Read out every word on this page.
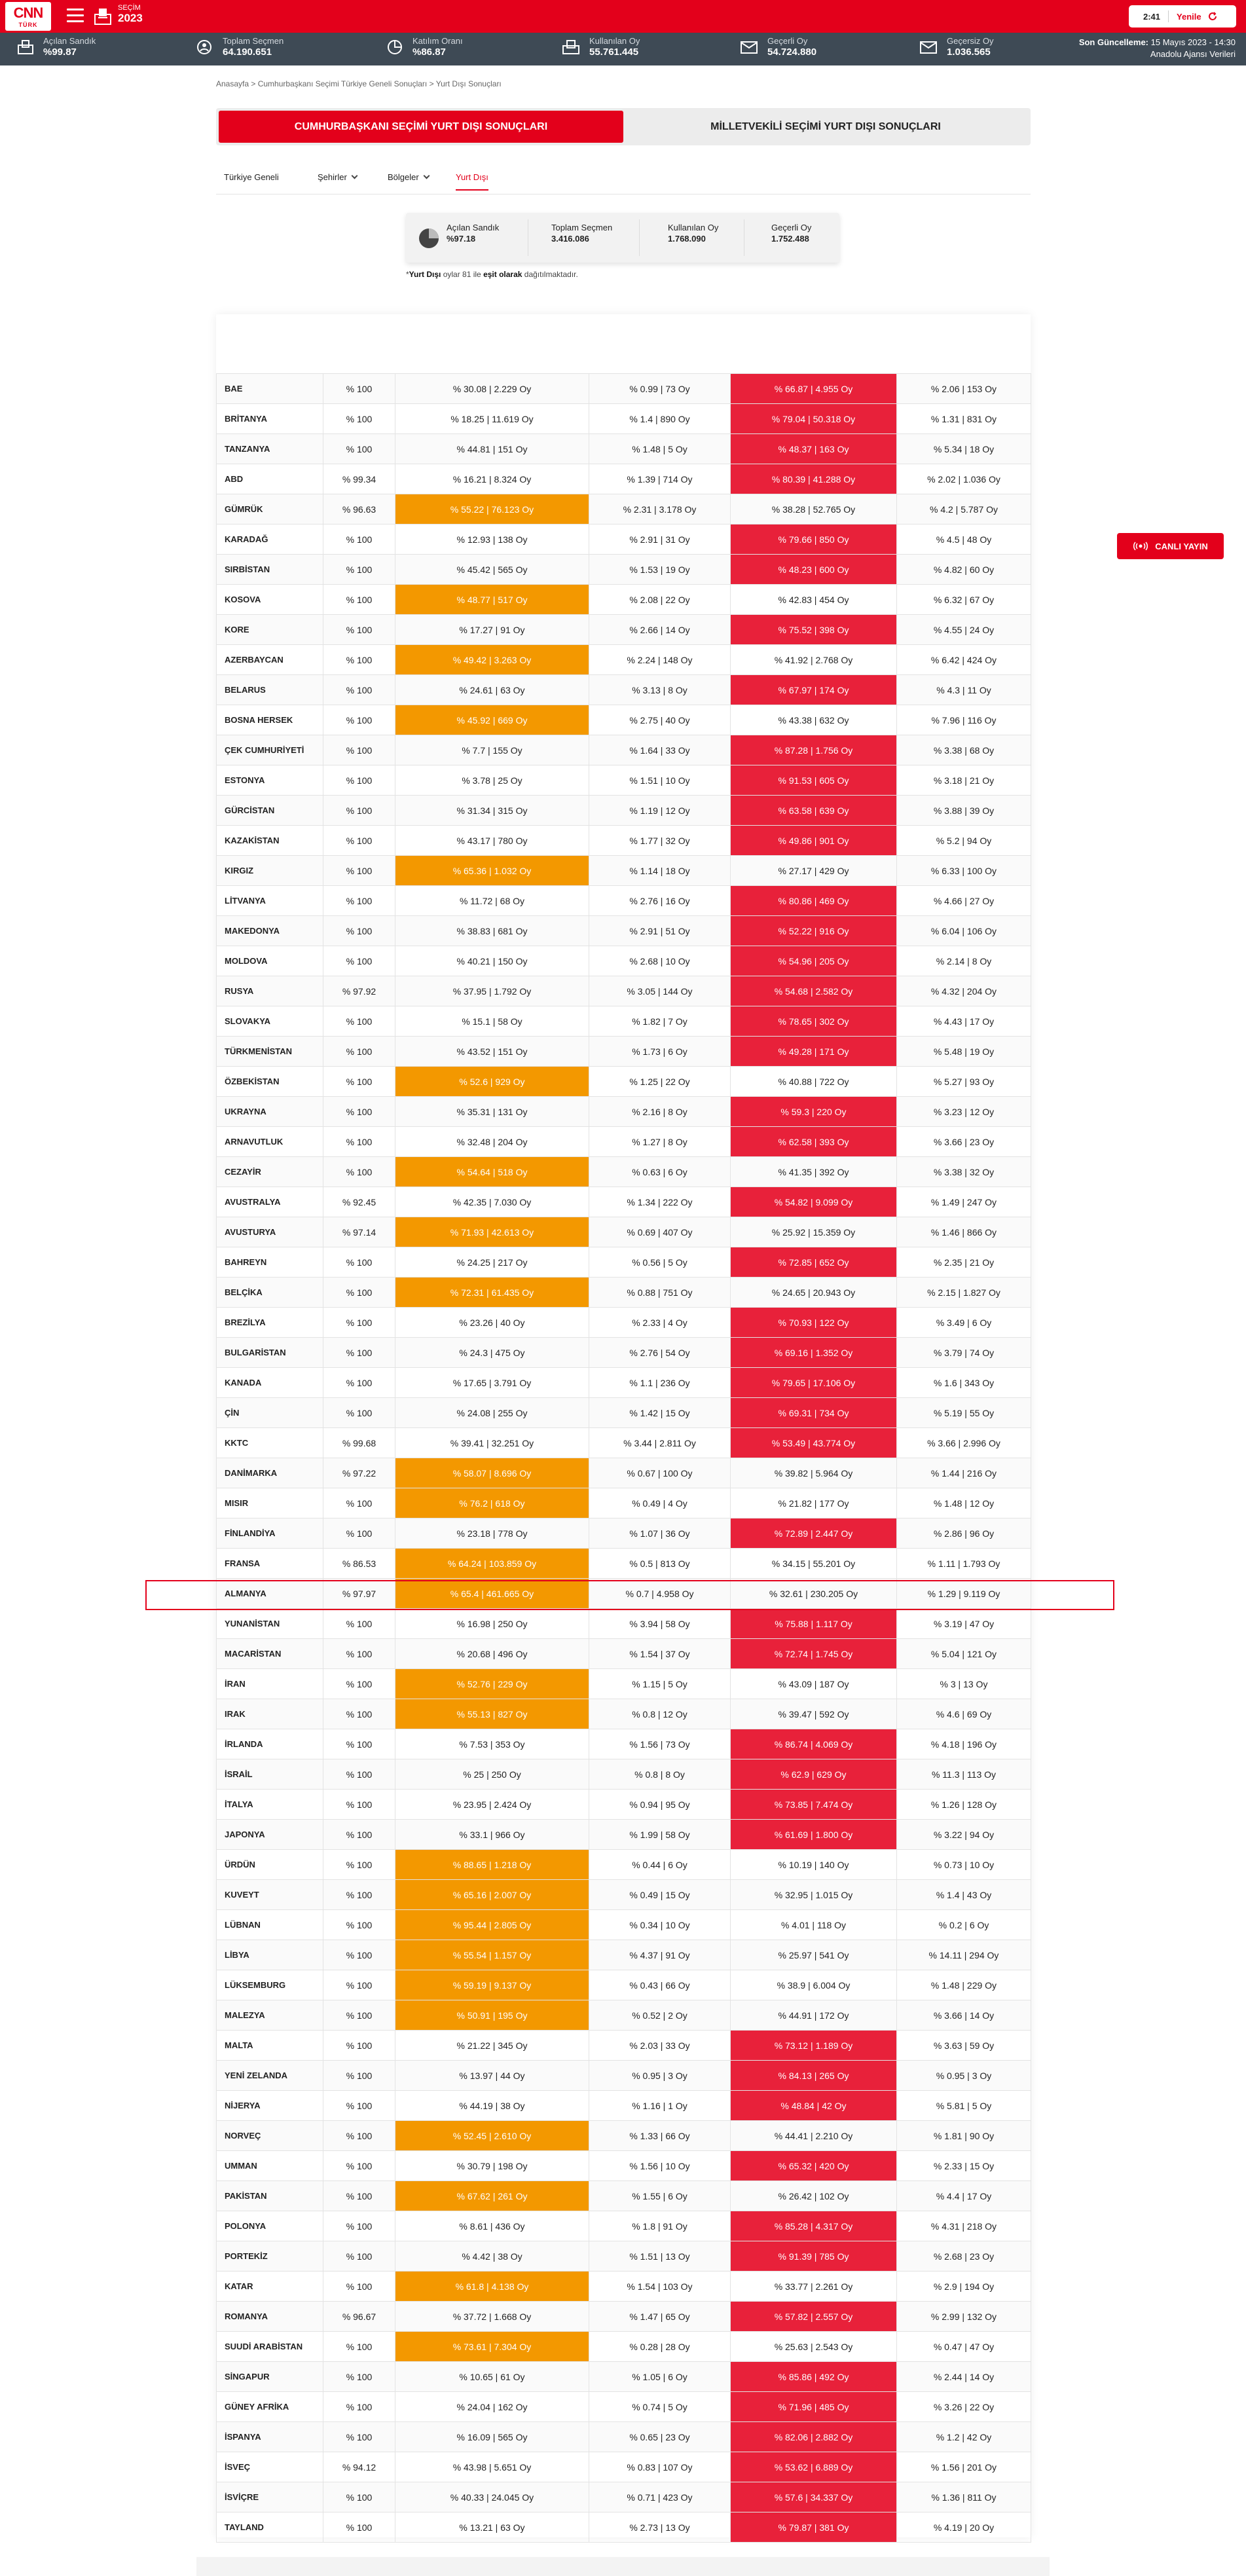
CNN
TÜRK
SEÇİM
2023	2:41 Yenile
Açılan Sandık
%99.87
Toplam Seçmen
64.190.651
Katılım Oranı
%86.87
Kullanılan Oy
55.761.445
Geçerli Oy
54.724.880
Geçersiz Oy
1.036.565
Son Güncelleme: 15 Mayıs 2023 - 14:30
Anadolu Ajansı Verileri
Anasayfa > Cumhurbaşkanı Seçimi Türkiye Geneli Sonuçları > Yurt Dışı Sonuçları
CUMHURBAŞKANI SEÇİMİ YURT DIŞI SONUÇLARI	MİLLETVEKİLİ SEÇİMİ YURT DIŞI SONUÇLARI
Türkiye Geneli	Şehirler	Bölgeler	Yurt Dışı
Açılan Sandık
%97.18
Toplam Seçmen
3.416.086
Kullanılan Oy
1.768.090
Geçerli Oy
1.752.488
*Yurt Dışı oylar 81 ile eşit olarak dağıtılmaktadır.
BAE	% 100	% 30.08 | 2.229 Oy	% 0.99 | 73 Oy	% 66.87 | 4.955 Oy	% 2.06 | 153 Oy
BRİTANYA	% 100	% 18.25 | 11.619 Oy	% 1.4 | 890 Oy	% 79.04 | 50.318 Oy	% 1.31 | 831 Oy
TANZANYA	% 100	% 44.81 | 151 Oy	% 1.48 | 5 Oy	% 48.37 | 163 Oy	% 5.34 | 18 Oy
ABD	% 99.34	% 16.21 | 8.324 Oy	% 1.39 | 714 Oy	% 80.39 | 41.288 Oy	% 2.02 | 1.036 Oy
GÜMRÜK	% 96.63	% 55.22 | 76.123 Oy	% 2.31 | 3.178 Oy	% 38.28 | 52.765 Oy	% 4.2 | 5.787 Oy
KARADAĞ	% 100	% 12.93 | 138 Oy	% 2.91 | 31 Oy	% 79.66 | 850 Oy	% 4.5 | 48 Oy
SIRBİSTAN	% 100	% 45.42 | 565 Oy	% 1.53 | 19 Oy	% 48.23 | 600 Oy	% 4.82 | 60 Oy
KOSOVA	% 100	% 48.77 | 517 Oy	% 2.08 | 22 Oy	% 42.83 | 454 Oy	% 6.32 | 67 Oy
KORE	% 100	% 17.27 | 91 Oy	% 2.66 | 14 Oy	% 75.52 | 398 Oy	% 4.55 | 24 Oy
AZERBAYCAN	% 100	% 49.42 | 3.263 Oy	% 2.24 | 148 Oy	% 41.92 | 2.768 Oy	% 6.42 | 424 Oy
BELARUS	% 100	% 24.61 | 63 Oy	% 3.13 | 8 Oy	% 67.97 | 174 Oy	% 4.3 | 11 Oy
BOSNA HERSEK	% 100	% 45.92 | 669 Oy	% 2.75 | 40 Oy	% 43.38 | 632 Oy	% 7.96 | 116 Oy
ÇEK CUMHURİYETİ	% 100	% 7.7 | 155 Oy	% 1.64 | 33 Oy	% 87.28 | 1.756 Oy	% 3.38 | 68 Oy
ESTONYA	% 100	% 3.78 | 25 Oy	% 1.51 | 10 Oy	% 91.53 | 605 Oy	% 3.18 | 21 Oy
GÜRCİSTAN	% 100	% 31.34 | 315 Oy	% 1.19 | 12 Oy	% 63.58 | 639 Oy	% 3.88 | 39 Oy
KAZAKİSTAN	% 100	% 43.17 | 780 Oy	% 1.77 | 32 Oy	% 49.86 | 901 Oy	% 5.2 | 94 Oy
KIRGIZ	% 100	% 65.36 | 1.032 Oy	% 1.14 | 18 Oy	% 27.17 | 429 Oy	% 6.33 | 100 Oy
LİTVANYA	% 100	% 11.72 | 68 Oy	% 2.76 | 16 Oy	% 80.86 | 469 Oy	% 4.66 | 27 Oy
MAKEDONYA	% 100	% 38.83 | 681 Oy	% 2.91 | 51 Oy	% 52.22 | 916 Oy	% 6.04 | 106 Oy
MOLDOVA	% 100	% 40.21 | 150 Oy	% 2.68 | 10 Oy	% 54.96 | 205 Oy	% 2.14 | 8 Oy
RUSYA	% 97.92	% 37.95 | 1.792 Oy	% 3.05 | 144 Oy	% 54.68 | 2.582 Oy	% 4.32 | 204 Oy
SLOVAKYA	% 100	% 15.1 | 58 Oy	% 1.82 | 7 Oy	% 78.65 | 302 Oy	% 4.43 | 17 Oy
TÜRKMENİSTAN	% 100	% 43.52 | 151 Oy	% 1.73 | 6 Oy	% 49.28 | 171 Oy	% 5.48 | 19 Oy
ÖZBEKİSTAN	% 100	% 52.6 | 929 Oy	% 1.25 | 22 Oy	% 40.88 | 722 Oy	% 5.27 | 93 Oy
UKRAYNA	% 100	% 35.31 | 131 Oy	% 2.16 | 8 Oy	% 59.3 | 220 Oy	% 3.23 | 12 Oy
ARNAVUTLUK	% 100	% 32.48 | 204 Oy	% 1.27 | 8 Oy	% 62.58 | 393 Oy	% 3.66 | 23 Oy
CEZAYİR	% 100	% 54.64 | 518 Oy	% 0.63 | 6 Oy	% 41.35 | 392 Oy	% 3.38 | 32 Oy
AVUSTRALYA	% 92.45	% 42.35 | 7.030 Oy	% 1.34 | 222 Oy	% 54.82 | 9.099 Oy	% 1.49 | 247 Oy
AVUSTURYA	% 97.14	% 71.93 | 42.613 Oy	% 0.69 | 407 Oy	% 25.92 | 15.359 Oy	% 1.46 | 866 Oy
BAHREYN	% 100	% 24.25 | 217 Oy	% 0.56 | 5 Oy	% 72.85 | 652 Oy	% 2.35 | 21 Oy
BELÇİKA	% 100	% 72.31 | 61.435 Oy	% 0.88 | 751 Oy	% 24.65 | 20.943 Oy	% 2.15 | 1.827 Oy
BREZİLYA	% 100	% 23.26 | 40 Oy	% 2.33 | 4 Oy	% 70.93 | 122 Oy	% 3.49 | 6 Oy
BULGARİSTAN	% 100	% 24.3 | 475 Oy	% 2.76 | 54 Oy	% 69.16 | 1.352 Oy	% 3.79 | 74 Oy
KANADA	% 100	% 17.65 | 3.791 Oy	% 1.1 | 236 Oy	% 79.65 | 17.106 Oy	% 1.6 | 343 Oy
ÇİN	% 100	% 24.08 | 255 Oy	% 1.42 | 15 Oy	% 69.31 | 734 Oy	% 5.19 | 55 Oy
KKTC	% 99.68	% 39.41 | 32.251 Oy	% 3.44 | 2.811 Oy	% 53.49 | 43.774 Oy	% 3.66 | 2.996 Oy
DANİMARKA	% 97.22	% 58.07 | 8.696 Oy	% 0.67 | 100 Oy	% 39.82 | 5.964 Oy	% 1.44 | 216 Oy
MISIR	% 100	% 76.2 | 618 Oy	% 0.49 | 4 Oy	% 21.82 | 177 Oy	% 1.48 | 12 Oy
FİNLANDİYA	% 100	% 23.18 | 778 Oy	% 1.07 | 36 Oy	% 72.89 | 2.447 Oy	% 2.86 | 96 Oy
FRANSA	% 86.53	% 64.24 | 103.859 Oy	% 0.5 | 813 Oy	% 34.15 | 55.201 Oy	% 1.11 | 1.793 Oy
ALMANYA	% 97.97	% 65.4 | 461.665 Oy	% 0.7 | 4.958 Oy	% 32.61 | 230.205 Oy	% 1.29 | 9.119 Oy
YUNANİSTAN	% 100	% 16.98 | 250 Oy	% 3.94 | 58 Oy	% 75.88 | 1.117 Oy	% 3.19 | 47 Oy
MACARİSTAN	% 100	% 20.68 | 496 Oy	% 1.54 | 37 Oy	% 72.74 | 1.745 Oy	% 5.04 | 121 Oy
İRAN	% 100	% 52.76 | 229 Oy	% 1.15 | 5 Oy	% 43.09 | 187 Oy	% 3 | 13 Oy
IRAK	% 100	% 55.13 | 827 Oy	% 0.8 | 12 Oy	% 39.47 | 592 Oy	% 4.6 | 69 Oy
İRLANDA	% 100	% 7.53 | 353 Oy	% 1.56 | 73 Oy	% 86.74 | 4.069 Oy	% 4.18 | 196 Oy
İSRAİL	% 100	% 25 | 250 Oy	% 0.8 | 8 Oy	% 62.9 | 629 Oy	% 11.3 | 113 Oy
İTALYA	% 100	% 23.95 | 2.424 Oy	% 0.94 | 95 Oy	% 73.85 | 7.474 Oy	% 1.26 | 128 Oy
JAPONYA	% 100	% 33.1 | 966 Oy	% 1.99 | 58 Oy	% 61.69 | 1.800 Oy	% 3.22 | 94 Oy
ÜRDÜN	% 100	% 88.65 | 1.218 Oy	% 0.44 | 6 Oy	% 10.19 | 140 Oy	% 0.73 | 10 Oy
KUVEYT	% 100	% 65.16 | 2.007 Oy	% 0.49 | 15 Oy	% 32.95 | 1.015 Oy	% 1.4 | 43 Oy
LÜBNAN	% 100	% 95.44 | 2.805 Oy	% 0.34 | 10 Oy	% 4.01 | 118 Oy	% 0.2 | 6 Oy
LİBYA	% 100	% 55.54 | 1.157 Oy	% 4.37 | 91 Oy	% 25.97 | 541 Oy	% 14.11 | 294 Oy
LÜKSEMBURG	% 100	% 59.19 | 9.137 Oy	% 0.43 | 66 Oy	% 38.9 | 6.004 Oy	% 1.48 | 229 Oy
MALEZYA	% 100	% 50.91 | 195 Oy	% 0.52 | 2 Oy	% 44.91 | 172 Oy	% 3.66 | 14 Oy
MALTA	% 100	% 21.22 | 345 Oy	% 2.03 | 33 Oy	% 73.12 | 1.189 Oy	% 3.63 | 59 Oy
YENİ ZELANDA	% 100	% 13.97 | 44 Oy	% 0.95 | 3 Oy	% 84.13 | 265 Oy	% 0.95 | 3 Oy
NİJERYA	% 100	% 44.19 | 38 Oy	% 1.16 | 1 Oy	% 48.84 | 42 Oy	% 5.81 | 5 Oy
NORVEÇ	% 100	% 52.45 | 2.610 Oy	% 1.33 | 66 Oy	% 44.41 | 2.210 Oy	% 1.81 | 90 Oy
UMMAN	% 100	% 30.79 | 198 Oy	% 1.56 | 10 Oy	% 65.32 | 420 Oy	% 2.33 | 15 Oy
PAKİSTAN	% 100	% 67.62 | 261 Oy	% 1.55 | 6 Oy	% 26.42 | 102 Oy	% 4.4 | 17 Oy
POLONYA	% 100	% 8.61 | 436 Oy	% 1.8 | 91 Oy	% 85.28 | 4.317 Oy	% 4.31 | 218 Oy
PORTEKİZ	% 100	% 4.42 | 38 Oy	% 1.51 | 13 Oy	% 91.39 | 785 Oy	% 2.68 | 23 Oy
KATAR	% 100	% 61.8 | 4.138 Oy	% 1.54 | 103 Oy	% 33.77 | 2.261 Oy	% 2.9 | 194 Oy
ROMANYA	% 96.67	% 37.72 | 1.668 Oy	% 1.47 | 65 Oy	% 57.82 | 2.557 Oy	% 2.99 | 132 Oy
SUUDİ ARABİSTAN	% 100	% 73.61 | 7.304 Oy	% 0.28 | 28 Oy	% 25.63 | 2.543 Oy	% 0.47 | 47 Oy
SİNGAPUR	% 100	% 10.65 | 61 Oy	% 1.05 | 6 Oy	% 85.86 | 492 Oy	% 2.44 | 14 Oy
GÜNEY AFRİKA	% 100	% 24.04 | 162 Oy	% 0.74 | 5 Oy	% 71.96 | 485 Oy	% 3.26 | 22 Oy
İSPANYA	% 100	% 16.09 | 565 Oy	% 0.65 | 23 Oy	% 82.06 | 2.882 Oy	% 1.2 | 42 Oy
İSVEÇ	% 94.12	% 43.98 | 5.651 Oy	% 0.83 | 107 Oy	% 53.62 | 6.889 Oy	% 1.56 | 201 Oy
İSVİÇRE	% 100	% 40.33 | 24.045 Oy	% 0.71 | 423 Oy	% 57.6 | 34.337 Oy	% 1.36 | 811 Oy
TAYLAND	% 100	% 13.21 | 63 Oy	% 2.73 | 13 Oy	% 79.87 | 381 Oy	% 4.19 | 20 Oy
CANLI YAYIN
